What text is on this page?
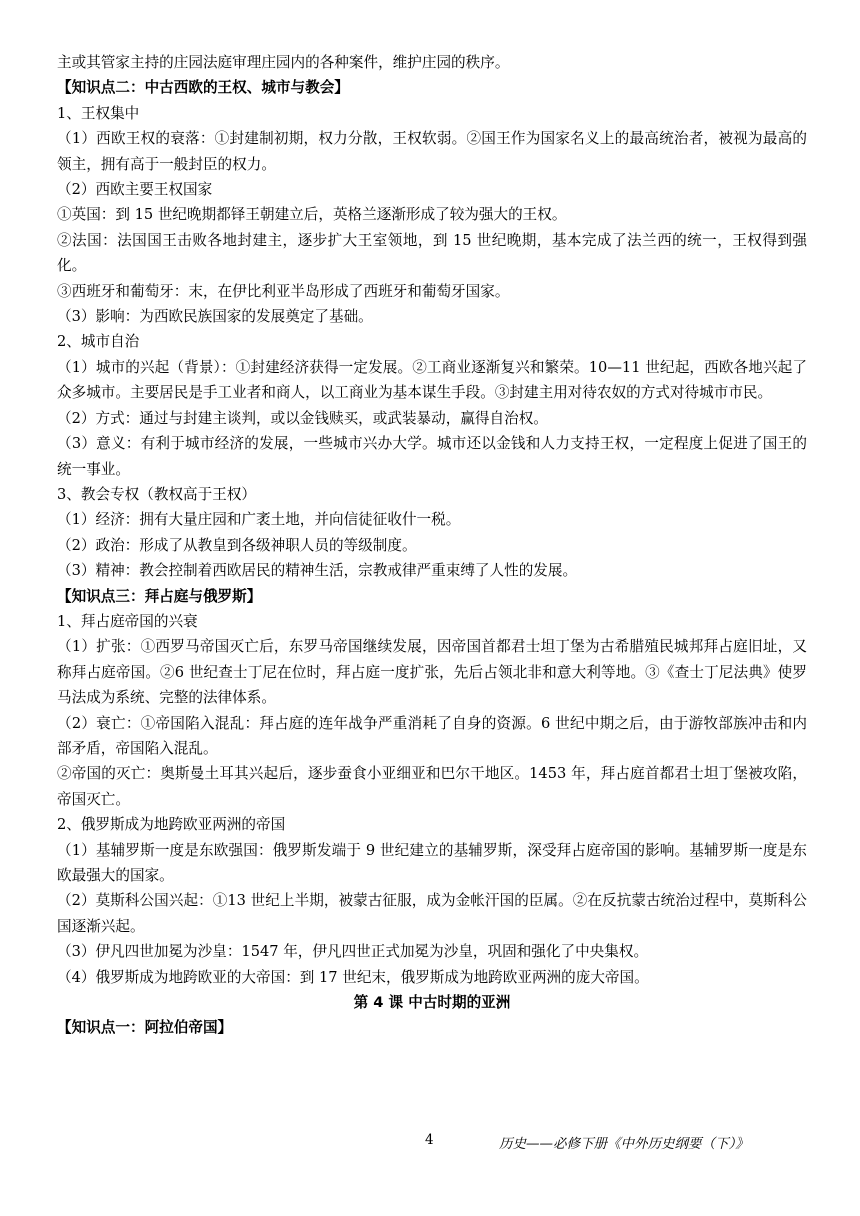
主或其管家主持的庄园法庭审理庄园内的各种案件，维护庄园的秩序。

【知识点二：中古西欧的王权、城市与教会】

1、王权集中

（1）西欧王权的衰落：①封建制初期，权力分散，王权软弱。②国王作为国家名义上的最高统治者，被视为最高的领主，拥有高于一般封臣的权力。

（2）西欧主要王权国家

①英国：到 15 世纪晚期都铎王朝建立后，英格兰逐渐形成了较为强大的王权。

②法国：法国国王击败各地封建主，逐步扩大王室领地，到 15 世纪晚期，基本完成了法兰西的统一，王权得到强化。

③西班牙和葡萄牙：末，在伊比利亚半岛形成了西班牙和葡萄牙国家。

（3）影响：为西欧民族国家的发展奠定了基础。

2、城市自治

（1）城市的兴起（背景）：①封建经济获得一定发展。②工商业逐渐复兴和繁荣。10—11 世纪起，西欧各地兴起了众多城市。主要居民是手工业者和商人，以工商业为基本谋生手段。③封建主用对待农奴的方式对待城市市民。

（2）方式：通过与封建主谈判，或以金钱赎买，或武装暴动，赢得自治权。

（3）意义：有利于城市经济的发展，一些城市兴办大学。城市还以金钱和人力支持王权，一定程度上促进了国王的统一事业。

3、教会专权（教权高于王权）

（1）经济：拥有大量庄园和广袤土地，并向信徒征收什一税。

（2）政治：形成了从教皇到各级神职人员的等级制度。

（3）精神：教会控制着西欧居民的精神生活，宗教戒律严重束缚了人性的发展。

【知识点三：拜占庭与俄罗斯】

1、拜占庭帝国的兴衰

（1）扩张：①西罗马帝国灭亡后，东罗马帝国继续发展，因帝国首都君士坦丁堡为古希腊殖民城邦拜占庭旧址，又称拜占庭帝国。②6 世纪查士丁尼在位时，拜占庭一度扩张，先后占领北非和意大利等地。③《查士丁尼法典》使罗马法成为系统、完整的法律体系。

（2）衰亡：①帝国陷入混乱：拜占庭的连年战争严重消耗了自身的资源。6 世纪中期之后，由于游牧部族冲击和内部矛盾，帝国陷入混乱。

②帝国的灭亡：奥斯曼土耳其兴起后，逐步蚕食小亚细亚和巴尔干地区。1453 年，拜占庭首都君士坦丁堡被攻陷，帝国灭亡。

2、俄罗斯成为地跨欧亚两洲的帝国

（1）基辅罗斯一度是东欧强国：俄罗斯发端于 9 世纪建立的基辅罗斯，深受拜占庭帝国的影响。基辅罗斯一度是东欧最强大的国家。

（2）莫斯科公国兴起：①13 世纪上半期，被蒙古征服，成为金帐汗国的臣属。②在反抗蒙古统治过程中，莫斯科公国逐渐兴起。

（3）伊凡四世加冕为沙皇：1547 年，伊凡四世正式加冕为沙皇，巩固和强化了中央集权。

（4）俄罗斯成为地跨欧亚的大帝国：到 17 世纪末，俄罗斯成为地跨欧亚两洲的庞大帝国。

第 4 课 中古时期的亚洲

【知识点一：阿拉伯帝国】

4	历史——必修下册《中外历史纲要（下）》
